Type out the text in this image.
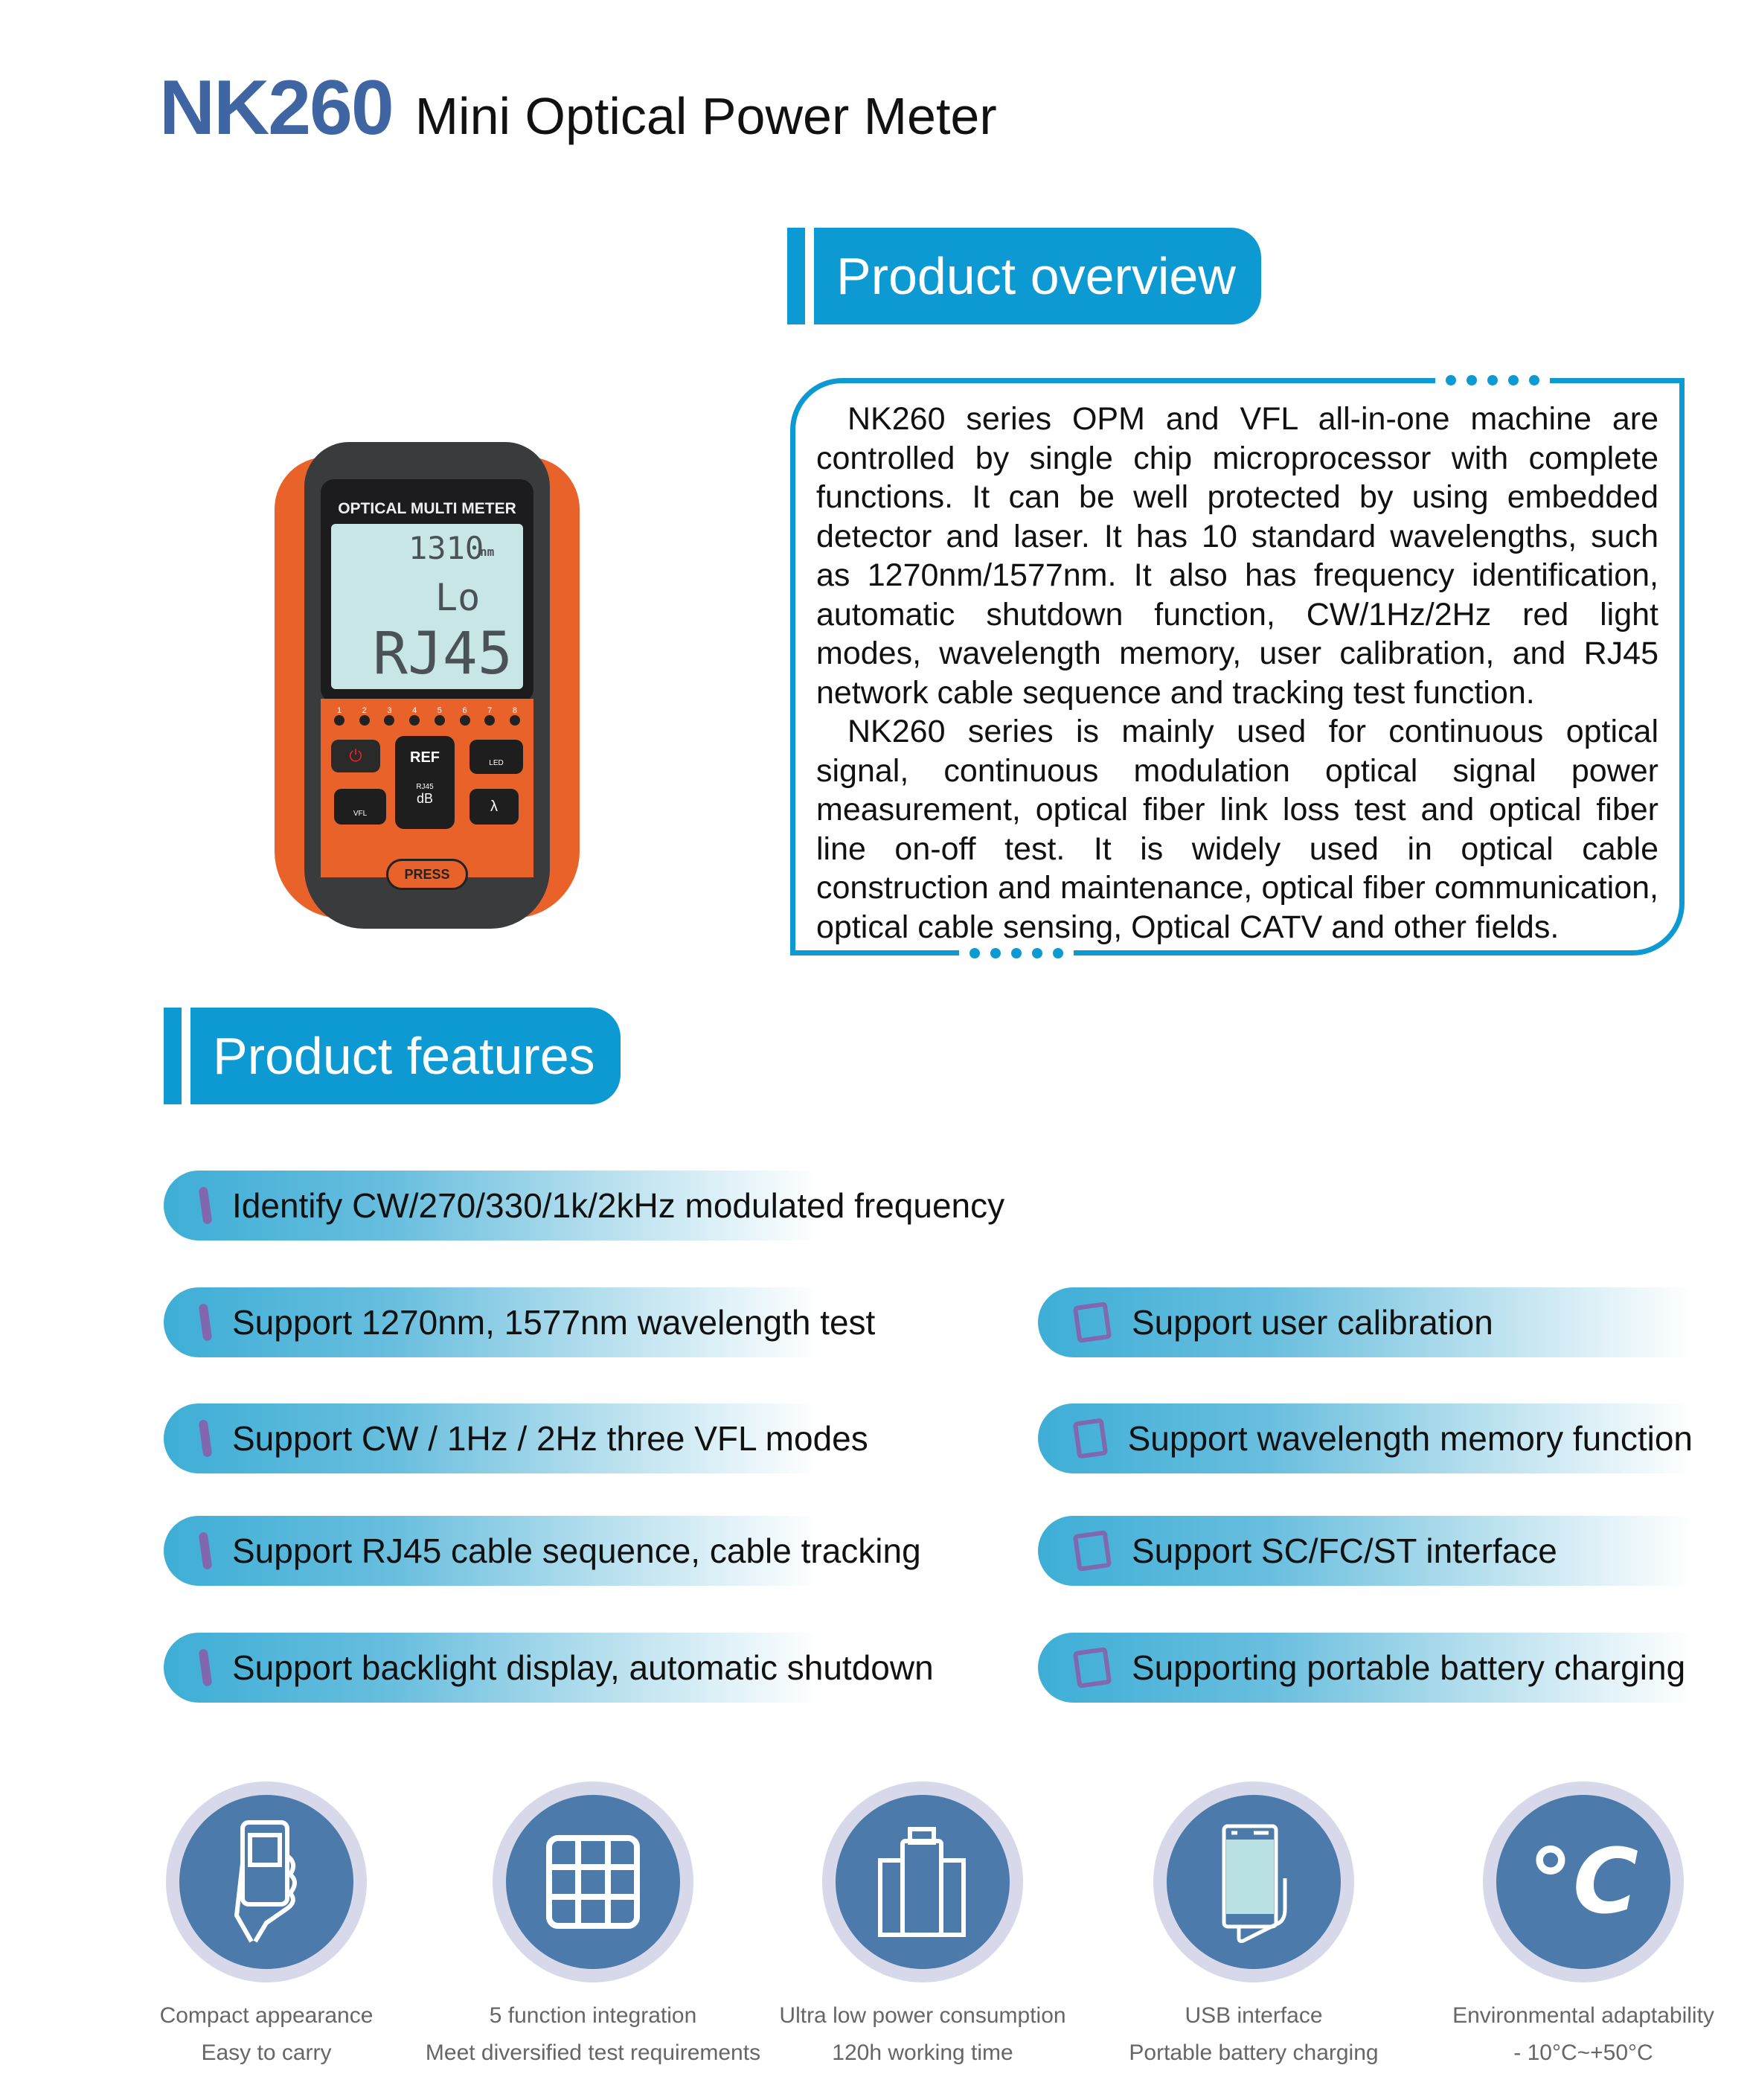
NK260 Mini Optical Power Meter
OPTICAL MULTI METER
1310
nm
Lo
RJ45
1	2	3	4	5	6	7	8
⏻	REF
RJ45
dB
LED
VFL	λ
PRESS
Product overview

NK260 series OPM and VFL all-in-one machine are controlled by single chip microprocessor with complete functions. It can be well protected by using embedded detector and laser. It has 10 standard wavelengths, such as 1270nm/1577nm. It also has frequency identification, automatic shutdown function, CW/1Hz/2Hz red light modes, wavelength memory, user calibration, and RJ45 network cable sequence and tracking test function.

NK260 series is mainly used for continuous optical signal, continuous modulation optical signal power measurement, optical fiber link loss test and optical fiber line on-off test. It is widely used in optical cable construction and maintenance, optical fiber communication, optical cable sensing, Optical CATV and other fields.

Product features
Identify CW/270/330/1k/2kHz modulated frequency
Support 1270nm, 1577nm wavelength test
Support CW / 1Hz / 2Hz three VFL modes
Support RJ45 cable sequence, cable tracking
Support backlight display, automatic shutdown
Support user calibration
Support wavelength memory function
Support SC/FC/ST interface
Supporting portable battery charging
°C
Compact appearance
Easy to carry
5 function integration
Meet diversified test requirements
Ultra low power consumption
120h working time
USB interface
Portable battery charging
Environmental adaptability
- 10°C~+50°C
